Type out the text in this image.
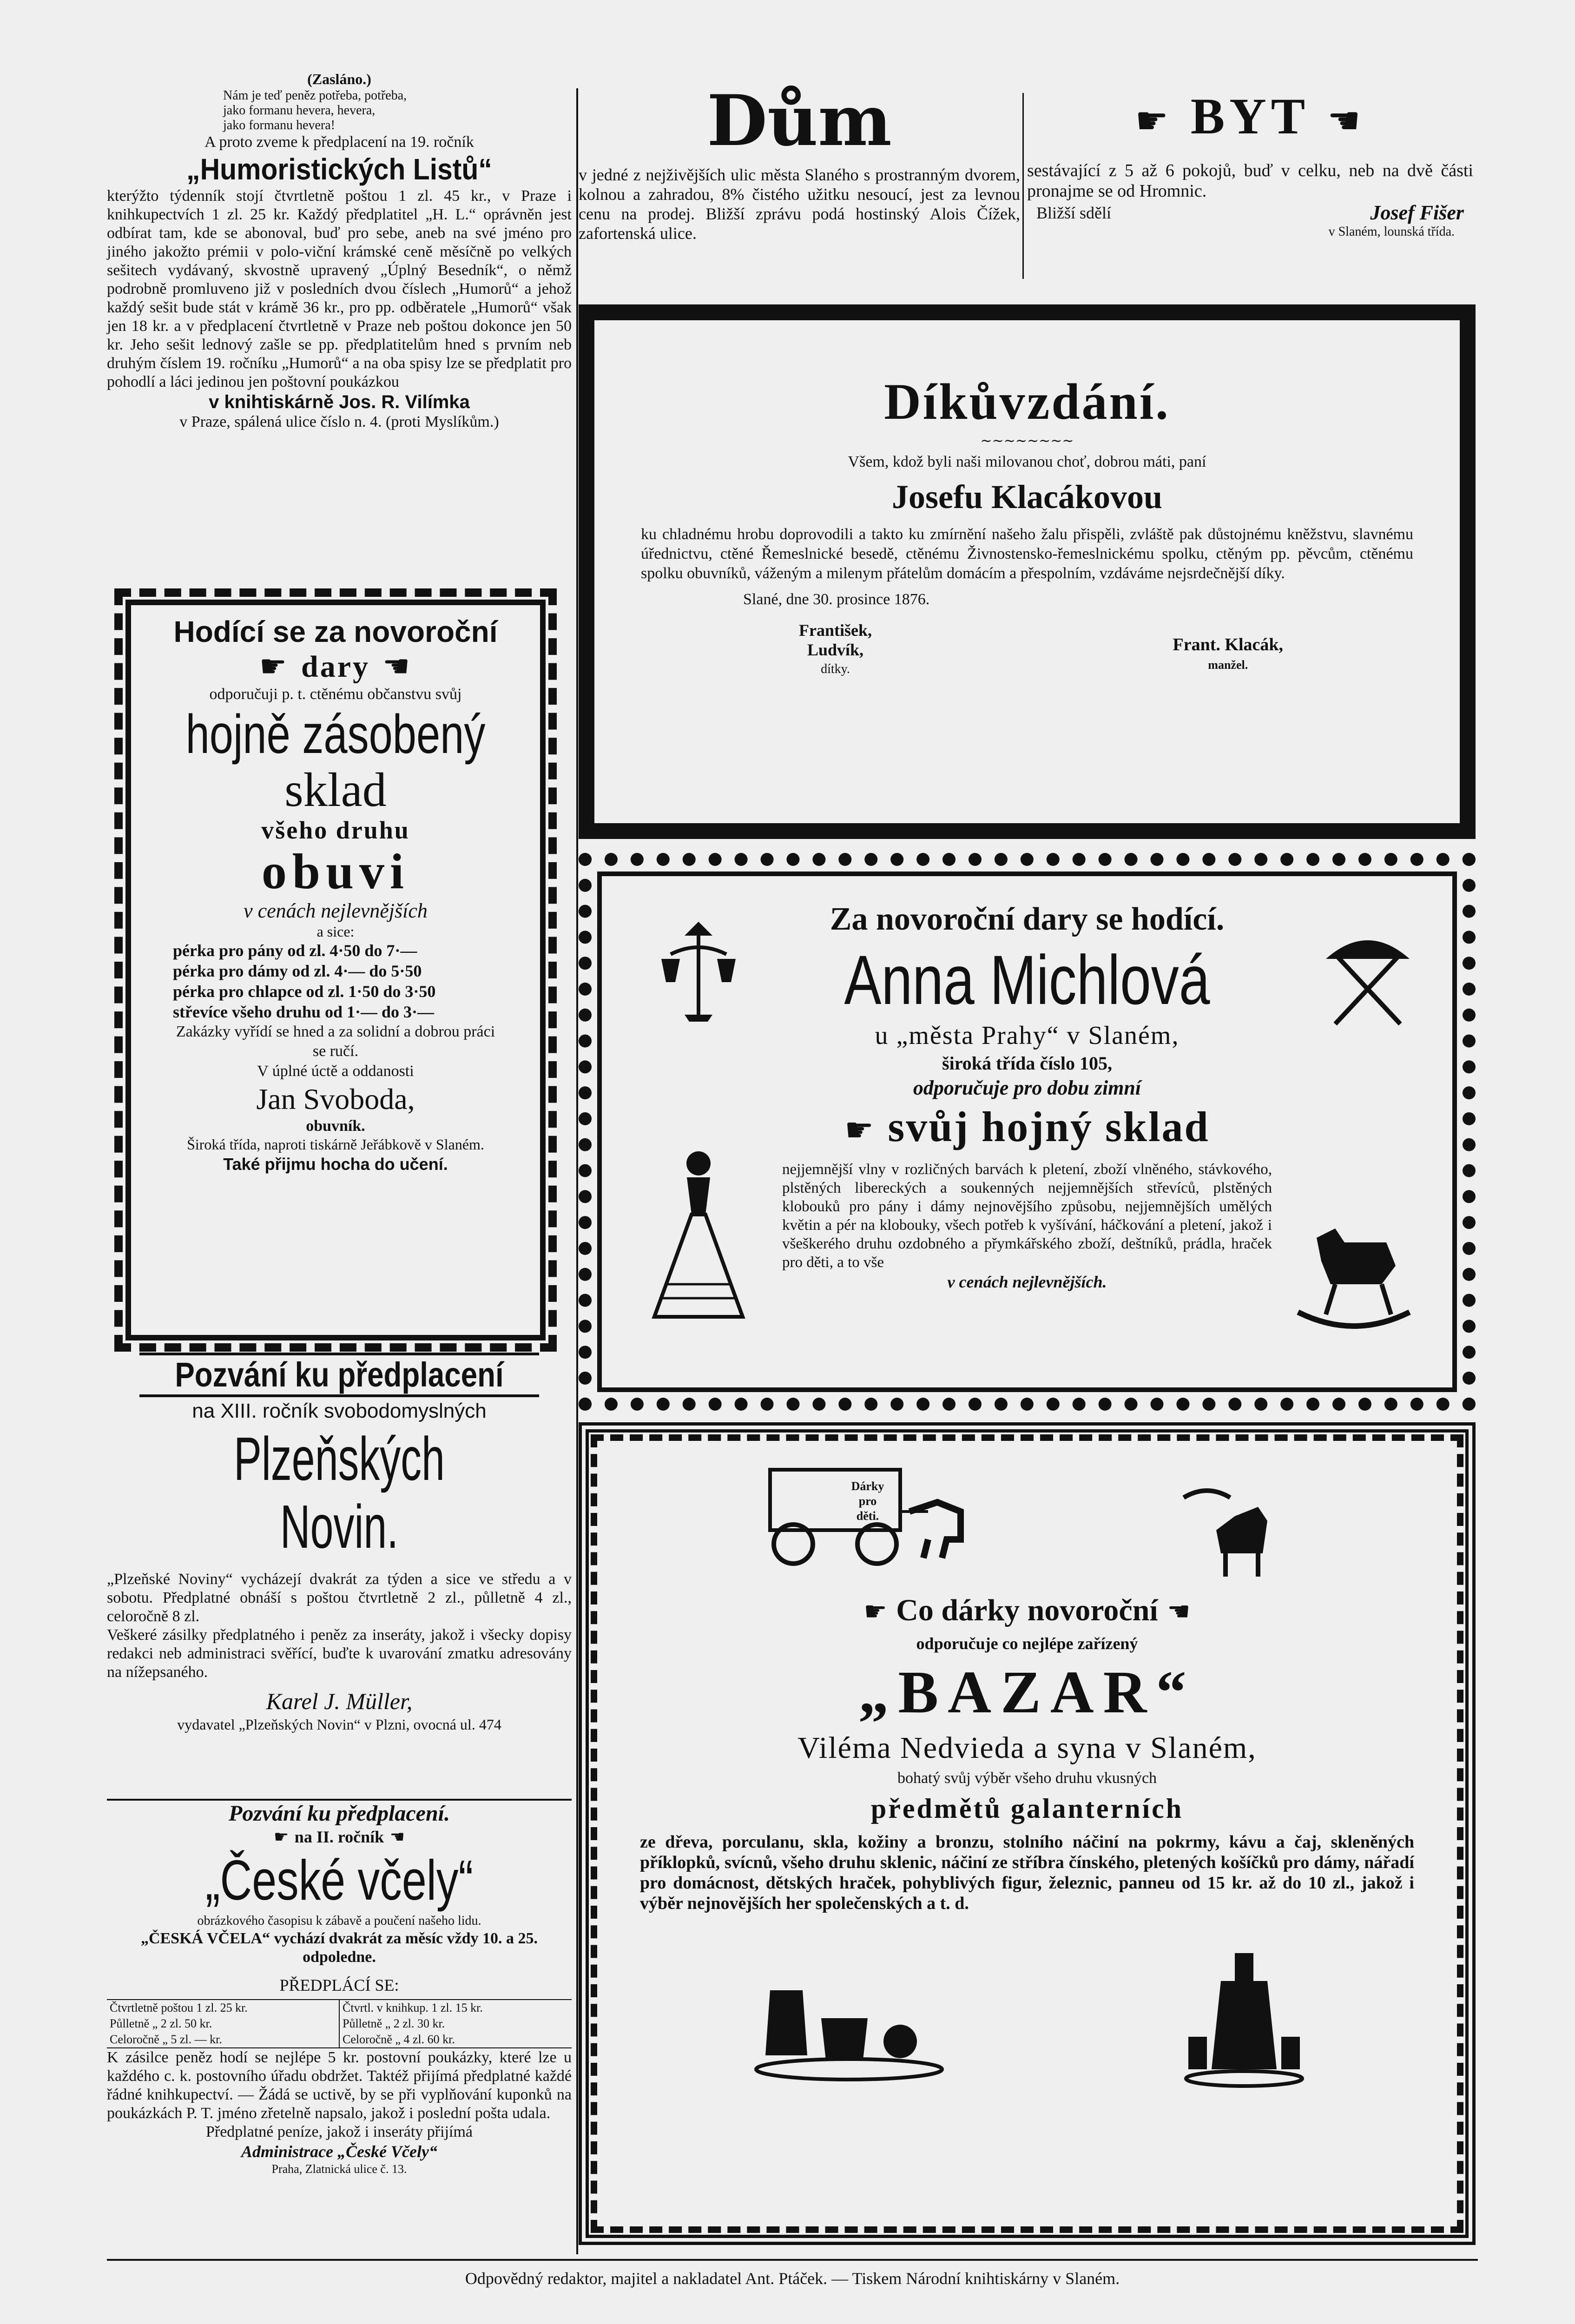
(Zasláno.)
Nám je teď peněz potřeba, potřeba,
jako formanu hevera, hevera,
jako formanu hevera!
A proto zveme k předplacení na 19. ročník
„Humoristických Listů“

kterýžto týdenník stojí čtvrtletně poštou 1 zl. 45 kr., v Praze i knihkupectvích 1 zl. 25 kr. Každý předplatitel „H. L.“ oprávněn jest odbírat tam, kde se abonoval, buď pro sebe, aneb na své jméno pro jiného jakožto prémii v polo-viční krámské ceně měsíčně po velkých sešitech vydávaný, skvostně upravený „Úplný Besedník“, o němž podrobně promluveno již v posledních dvou číslech „Humorů“ a jehož každý sešit bude stát v krámě 36 kr., pro pp. odběratele „Humorů“ však jen 18 kr. a v předplacení čtvrtletně v Praze neb poštou dokonce jen 50 kr. Jeho sešit lednový zašle se pp. předplatitelům hned s prvním neb druhým číslem 19. ročníku „Humorů“ a na oba spisy lze se předplatit pro pohodlí a láci jedinou jen poštovní poukázkou

v knihtiskárně Jos. R. Vilímka
v Praze, spálená ulice číslo n. 4. (proti Myslíkům.)
Hodící se za novoroční
☛ dary ☚
odporučuji p. t. ctěnému občanstvu svůj
hojně zásobený
sklad
všeho druhu
obuvi
v cenách nejlevnějších
a sice:
pérka pro pány od zl. 4·50 do 7·—
pérka pro dámy od zl. 4·— do 5·50
pérka pro chlapce od zl. 1·50 do 3·50
střevíce všeho druhu od 1·— do 3·—
Zakázky vyřídí se hned a za solidní a dobrou práci se ručí.
V úplné úctě a oddanosti
Jan Svoboda,
obuvník.
Široká třída, naproti tiskárně Jeřábkově v Slaném.
Také přijmu hocha do učení.
Pozvání ku předplacení
na XIII. ročník svobodomyslných
Plzeňských Novin.

„Plzeňské Noviny“ vycházejí dvakrát za týden a sice ve středu a v sobotu. Předplatné obnáší s poštou čtvrtletně 2 zl., půlletně 4 zl., celoročně 8 zl.

Veškeré zásilky předplatného i peněz za inseráty, jakož i všecky dopisy redakci neb administraci svěřící, buďte k uvarování zmatku adresovány na nížepsaného.

Karel J. Müller,
vydavatel „Plzeňských Novin“ v Plzni, ovocná ul. 474
Pozvání ku předplacení.
☛ na II. ročník ☚
„České včely“
obrázkového časopisu k zábavě a poučení našeho lidu.
„ČESKÁ VČELA“ vychází dvakrát za měsíc vždy 10. a 25. odpoledne.
PŘEDPLÁCÍ SE:
Čtvrtletně poštou 1 zl. 25 kr.	Čtvrtl. v knihkup. 1 zl. 15 kr.
Půlletně „ 2 zl. 50 kr.	Půlletně „ 2 zl. 30 kr.
Celoročně „ 5 zl. — kr.	Celoročně „ 4 zl. 60 kr.

K zásilce peněz hodí se nejlépe 5 kr. postovní poukázky, které lze u každého c. k. postovního úřadu obdržet. Taktéž přijímá předplatné každé řádné knihkupectví. — Žádá se uctivě, by se při vyplňování kuponků na poukázkách P. T. jméno zřetelně napsalo, jakož i poslední pošta udala.

Předplatné peníze, jakož i inseráty přijímá
Administrace „České Včely“
Praha, Zlatnická ulice č. 13.
Dům

v jedné z nejživějších ulic města Slaného s prostranným dvorem, kolnou a zahradou, 8% čistého užitku nesoucí, jest za levnou cenu na prodej. Bližší zprávu podá hostinský Alois Čížek, zafortenská ulice.

☛ BYT ☚

sestávající z 5 až 6 pokojů, buď v celku, neb na dvě části pronajme se od Hromnic.

Bližší sdělí	Josef Fišer
v Slaném, lounská třída.
Díkůvzdání.
∼∼∼∼∼∼∼∼
Všem, kdož byli naši milovanou choť, dobrou máti, paní
Josefu Klacákovou

ku chladnému hrobu doprovodili a takto ku zmírnění našeho žalu přispěli, zvláště pak důstojnému kněžstvu, slavnému úřednictvu, ctěné Řemeslnické besedě, ctěnému Živnostensko-řemeslnickému spolku, ctěným pp. pěvcům, ctěnému spolku obuvníků, váženým a milenym přátelům domácím a přespolním, vzdáváme nejsrdečnější díky.

Slané, dne 30. prosince 1876.
František,
Ludvík,
dítky.
Frant. Klacák,
manžel.
Za novoroční dary se hodící.
Anna Michlová
u „města Prahy“ v Slaném,
široká třída číslo 105,
odporučuje pro dobu zimní
☛ svůj hojný sklad

nejjemnější vlny v rozličných barvách k pletení, zboží vlněného, stávkového, plstěných libereckých a soukenných nejjemnějších střevíců, plstěných klobouků pro pány i dámy nejnovějšího způsobu, nejjemnějších umělých květin a pér na klobouky, všech potřeb k vyšívání, háčkování a pletení, jakož i všeškerého druhu ozdobného a přymkářského zboží, deštníků, prádla, hraček pro děti, a to vše

v cenách nejlevnějších.
Dárky
pro
děti.
☛ Co dárky novoroční ☚
odporučuje co nejlépe zařízený
„BAZAR“
Viléma Nedvieda a syna v Slaném,
bohatý svůj výběr všeho druhu vkusných
předmětů galanterních

ze dřeva, porculanu, skla, kožiny a bronzu, stolního náčiní na pokrmy, kávu a čaj, skleněných příklopků, svícnů, všeho druhu sklenic, náčiní ze stříbra čínského, pletených košíčků pro dámy, nářadí pro domácnost, dětských hraček, pohyblivých figur, železnic, panneu od 15 kr. až do 10 zl., jakož i výběr nejnovějších her společenských a t. d.

Odpovědný redaktor, majitel a nakladatel Ant. Ptáček. — Tiskem Národní knihtiskárny v Slaném.
